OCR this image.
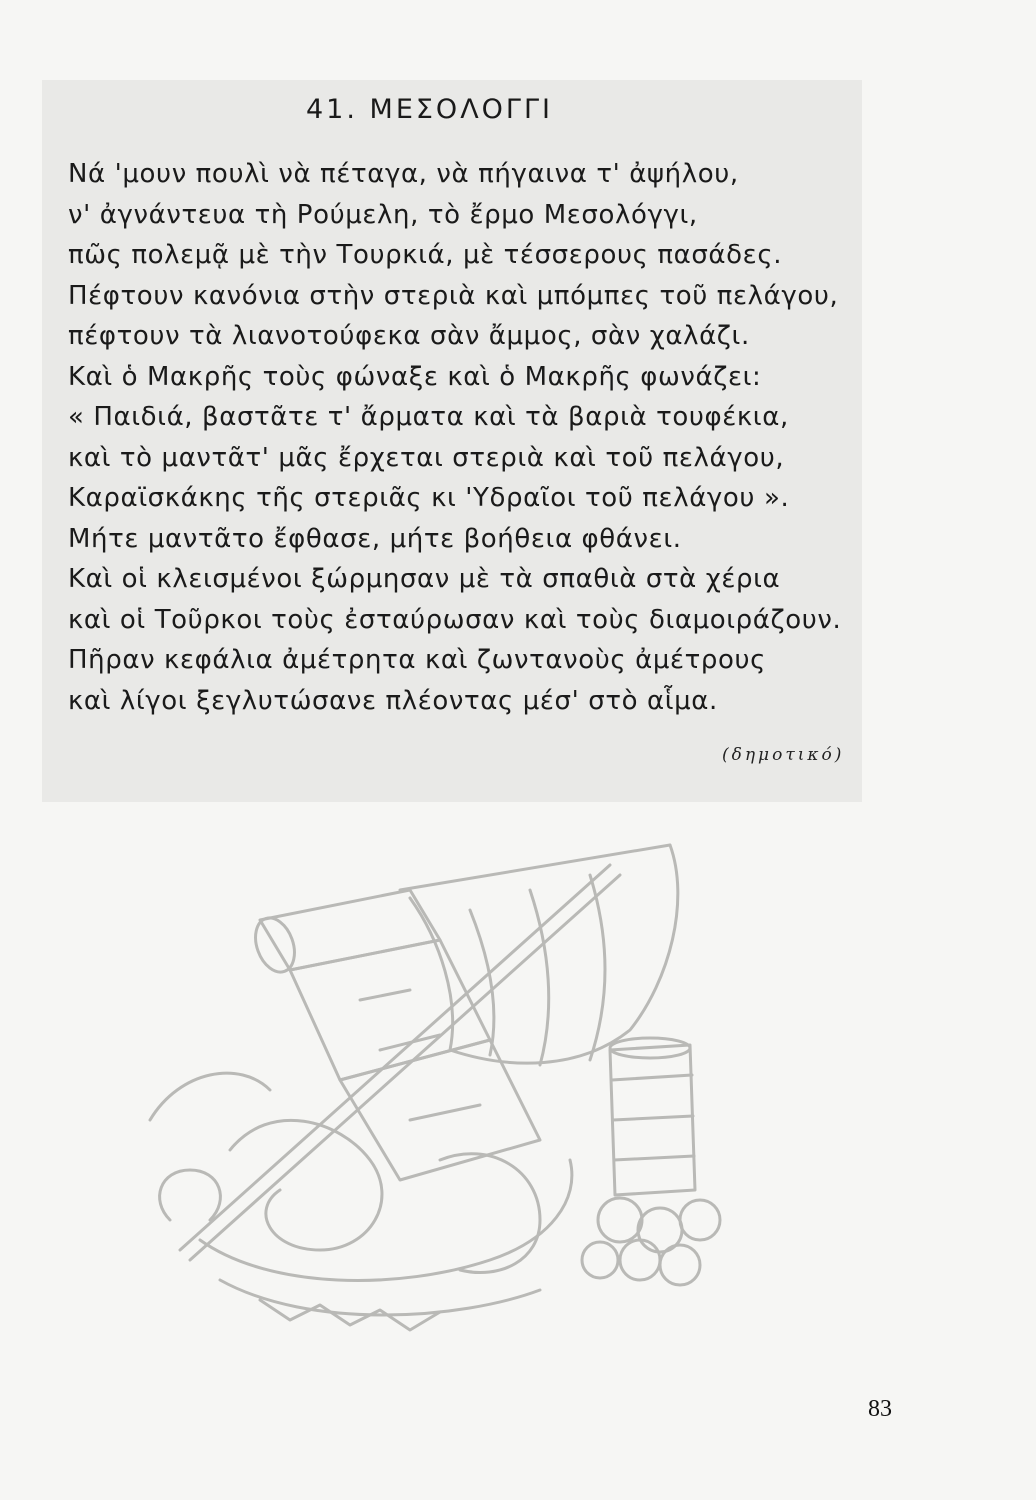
41. ΜΕΣΟΛΟΓΓΙ
Νά 'μουν πουλὶ νὰ πέταγα, νὰ πήγαινα τ' ἀψήλου,
ν' ἀγνάντευα τὴ Ρούμελη, τὸ ἔρμο Μεσολόγγι,
πῶς πολεμᾷ μὲ τὴν Τουρκιά, μὲ τέσσερους πασάδες.
Πέφτουν κανόνια στὴν στεριὰ καὶ μπόμπες τοῦ πελάγου,
πέφτουν τὰ λιανοτούφεκα σὰν ἄμμος, σὰν χαλάζι.
Καὶ ὁ Μακρῆς τοὺς φώναξε καὶ ὁ Μακρῆς φωνάζει:
« Παιδιά, βαστᾶτε τ' ἄρματα καὶ τὰ βαριὰ τουφέκια,
καὶ τὸ μαντᾶτ' μᾶς ἔρχεται στεριὰ καὶ τοῦ πελάγου,
Καραϊσκάκης τῆς στεριᾶς κι 'Υδραῖοι τοῦ πελάγου ».
Μήτε μαντᾶτο ἔφθασε, μήτε βοήθεια φθάνει.
Καὶ οἱ κλεισμένοι ξώρμησαν μὲ τὰ σπαθιὰ στὰ χέρια
καὶ οἱ Τοῦρκοι τοὺς ἐσταύρωσαν καὶ τοὺς διαμοιράζουν.
Πῆραν κεφάλια ἀμέτρητα καὶ ζωντανοὺς ἀμέτρους
καὶ λίγοι ξεγλυτώσανε πλέοντας μέσ' στὸ αἷμα.
(δημοτικό)
83
